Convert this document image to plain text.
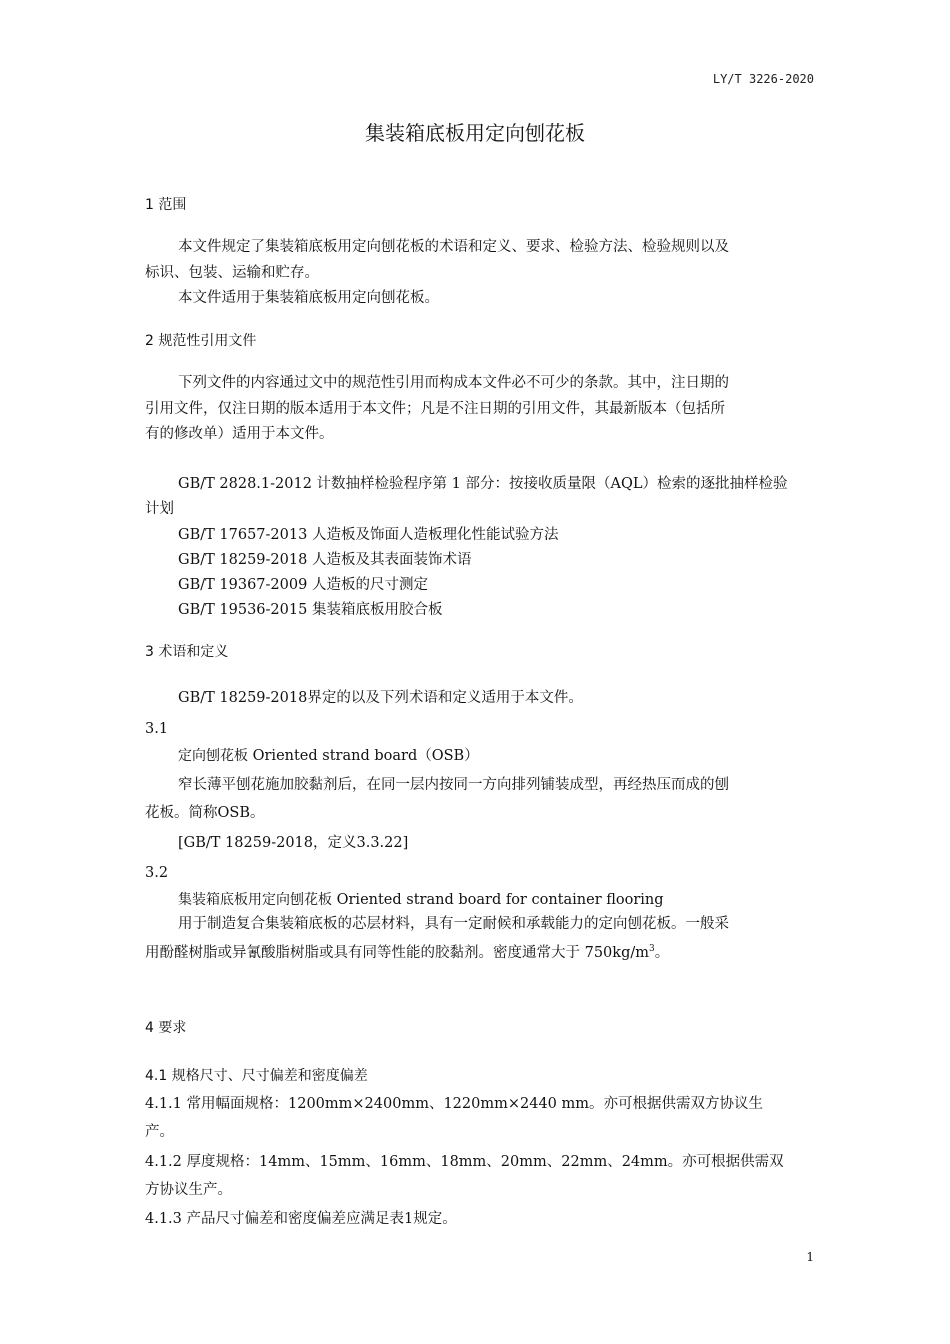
LY/T 3226-2020
集装箱底板用定向刨花板
1 范围
本文件规定了集装箱底板用定向刨花板的术语和定义、要求、检验方法、检验规则以及
标识、包装、运输和贮存。
本文件适用于集装箱底板用定向刨花板。
2 规范性引用文件
下列文件的内容通过文中的规范性引用而构成本文件必不可少的条款。其中，注日期的
引用文件，仅注日期的版本适用于本文件；凡是不注日期的引用文件，其最新版本（包括所
有的修改单）适用于本文件。
GB/T 2828.1-2012 计数抽样检验程序第 1 部分：按接收质量限（AQL）检索的逐批抽样检验
计划
GB/T 17657-2013 人造板及饰面人造板理化性能试验方法
GB/T 18259-2018 人造板及其表面装饰术语
GB/T 19367-2009 人造板的尺寸测定
GB/T 19536-2015 集装箱底板用胶合板
3 术语和定义
GB/T 18259-2018界定的以及下列术语和定义适用于本文件。
3.1
定向刨花板 Oriented strand board（OSB）
窄长薄平刨花施加胶黏剂后，在同一层内按同一方向排列铺装成型，再经热压而成的刨
花板。简称OSB。
[GB/T 18259-2018，定义3.3.22]
3.2
集装箱底板用定向刨花板 Oriented strand board for container flooring
用于制造复合集装箱底板的芯层材料，具有一定耐候和承载能力的定向刨花板。一般采
用酚醛树脂或异氰酸脂树脂或具有同等性能的胶黏剂。密度通常大于 $750kg/m^3$。
4 要求
4.1 规格尺寸、尺寸偏差和密度偏差
4.1.1 常用幅面规格：1200mm×2400mm、1220mm×2440 mm。亦可根据供需双方协议生
产。
4.1.2 厚度规格：14mm、15mm、16mm、18mm、20mm、22mm、24mm。亦可根据供需双
方协议生产。
4.1.3 产品尺寸偏差和密度偏差应满足表1规定。
1
